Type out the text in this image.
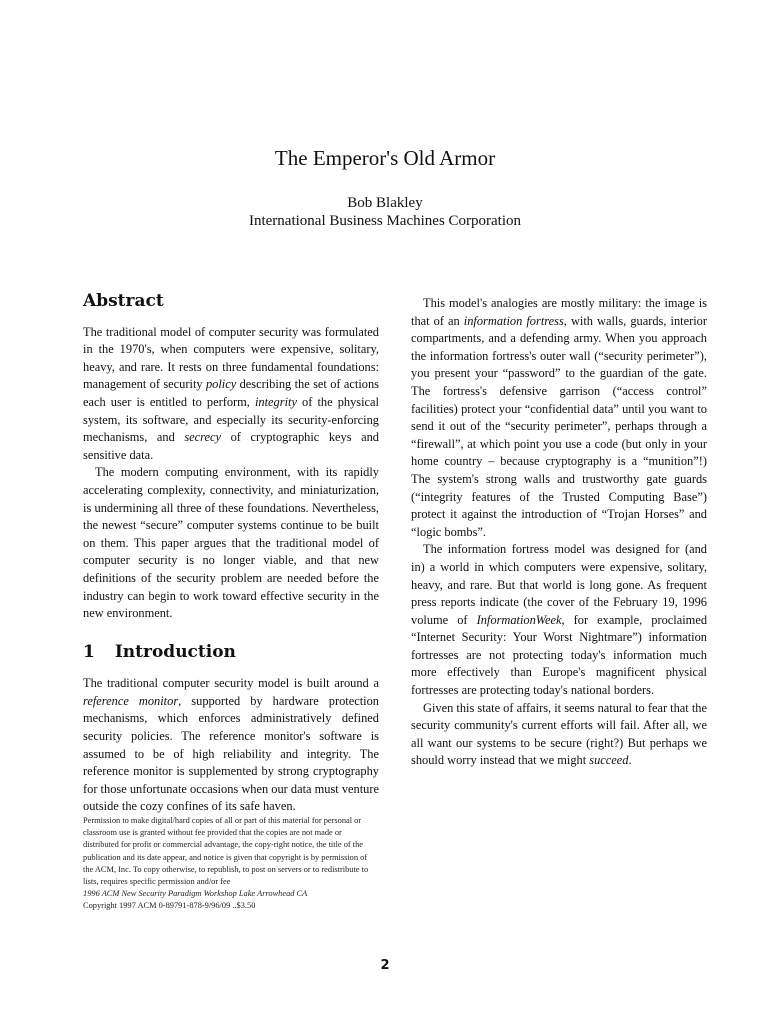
The Emperor's Old Armor
Bob Blakley
International Business Machines Corporation
Abstract

The traditional model of computer security was formulated in the 1970's, when computers were expensive, solitary, heavy, and rare. It rests on three fundamental foundations: management of security policy describing the set of actions each user is entitled to perform, integrity of the physical system, its software, and especially its security-enforcing mechanisms, and secrecy of cryptographic keys and sensitive data.

The modern computing environment, with its rapidly accelerating complexity, connectivity, and miniaturization, is undermining all three of these foundations. Nevertheless, the newest “secure” computer systems continue to be built on them. This paper argues that the traditional model of computer security is no longer viable, and that new definitions of the security problem are needed before the industry can begin to work toward effective security in the new environment.

1 Introduction

The traditional computer security model is built around a reference monitor, supported by hardware protection mechanisms, which enforces administratively defined security policies. The reference monitor's software is assumed to be of high reliability and integrity. The reference monitor is supplemented by strong cryptography for those unfortunate occasions when our data must venture outside the cozy confines of its safe haven.

Permission to make digital/hard copies of all or part of this material for personal or classroom use is granted without fee provided that the copies are not made or distributed for profit or commercial advantage, the copy-right notice, the title of the publication and its date appear, and notice is given that copyright is by permission of the ACM, Inc. To copy otherwise, to republish, to post on servers or to redistribute to lists, requires specific permission and/or fee
1996 ACM New Security Paradigm Workshop Lake Arrowhead CA
Copyright 1997 ACM 0-89791-878-9/96/09 ..$3.50

This model's analogies are mostly military: the image is that of an information fortress, with walls, guards, interior compartments, and a defending army. When you approach the information fortress's outer wall (“security perimeter”), you present your “password” to the guardian of the gate. The fortress's defensive garrison (“access control” facilities) protect your “confidential data” until you want to send it out of the “security perimeter”, perhaps through a “firewall”, at which point you use a code (but only in your home country – because cryptography is a “munition”!) The system's strong walls and trustworthy gate guards (“integrity features of the Trusted Computing Base”) protect it against the introduction of “Trojan Horses” and “logic bombs”.

The information fortress model was designed for (and in) a world in which computers were expensive, solitary, heavy, and rare. But that world is long gone. As frequent press reports indicate (the cover of the February 19, 1996 volume of InformationWeek, for example, proclaimed “Internet Security: Your Worst Nightmare”) information fortresses are not protecting today's information much more effectively than Europe's magnificent physical fortresses are protecting today's national borders.

Given this state of affairs, it seems natural to fear that the security community's current efforts will fail. After all, we all want our systems to be secure (right?) But perhaps we should worry instead that we might succeed.

2
